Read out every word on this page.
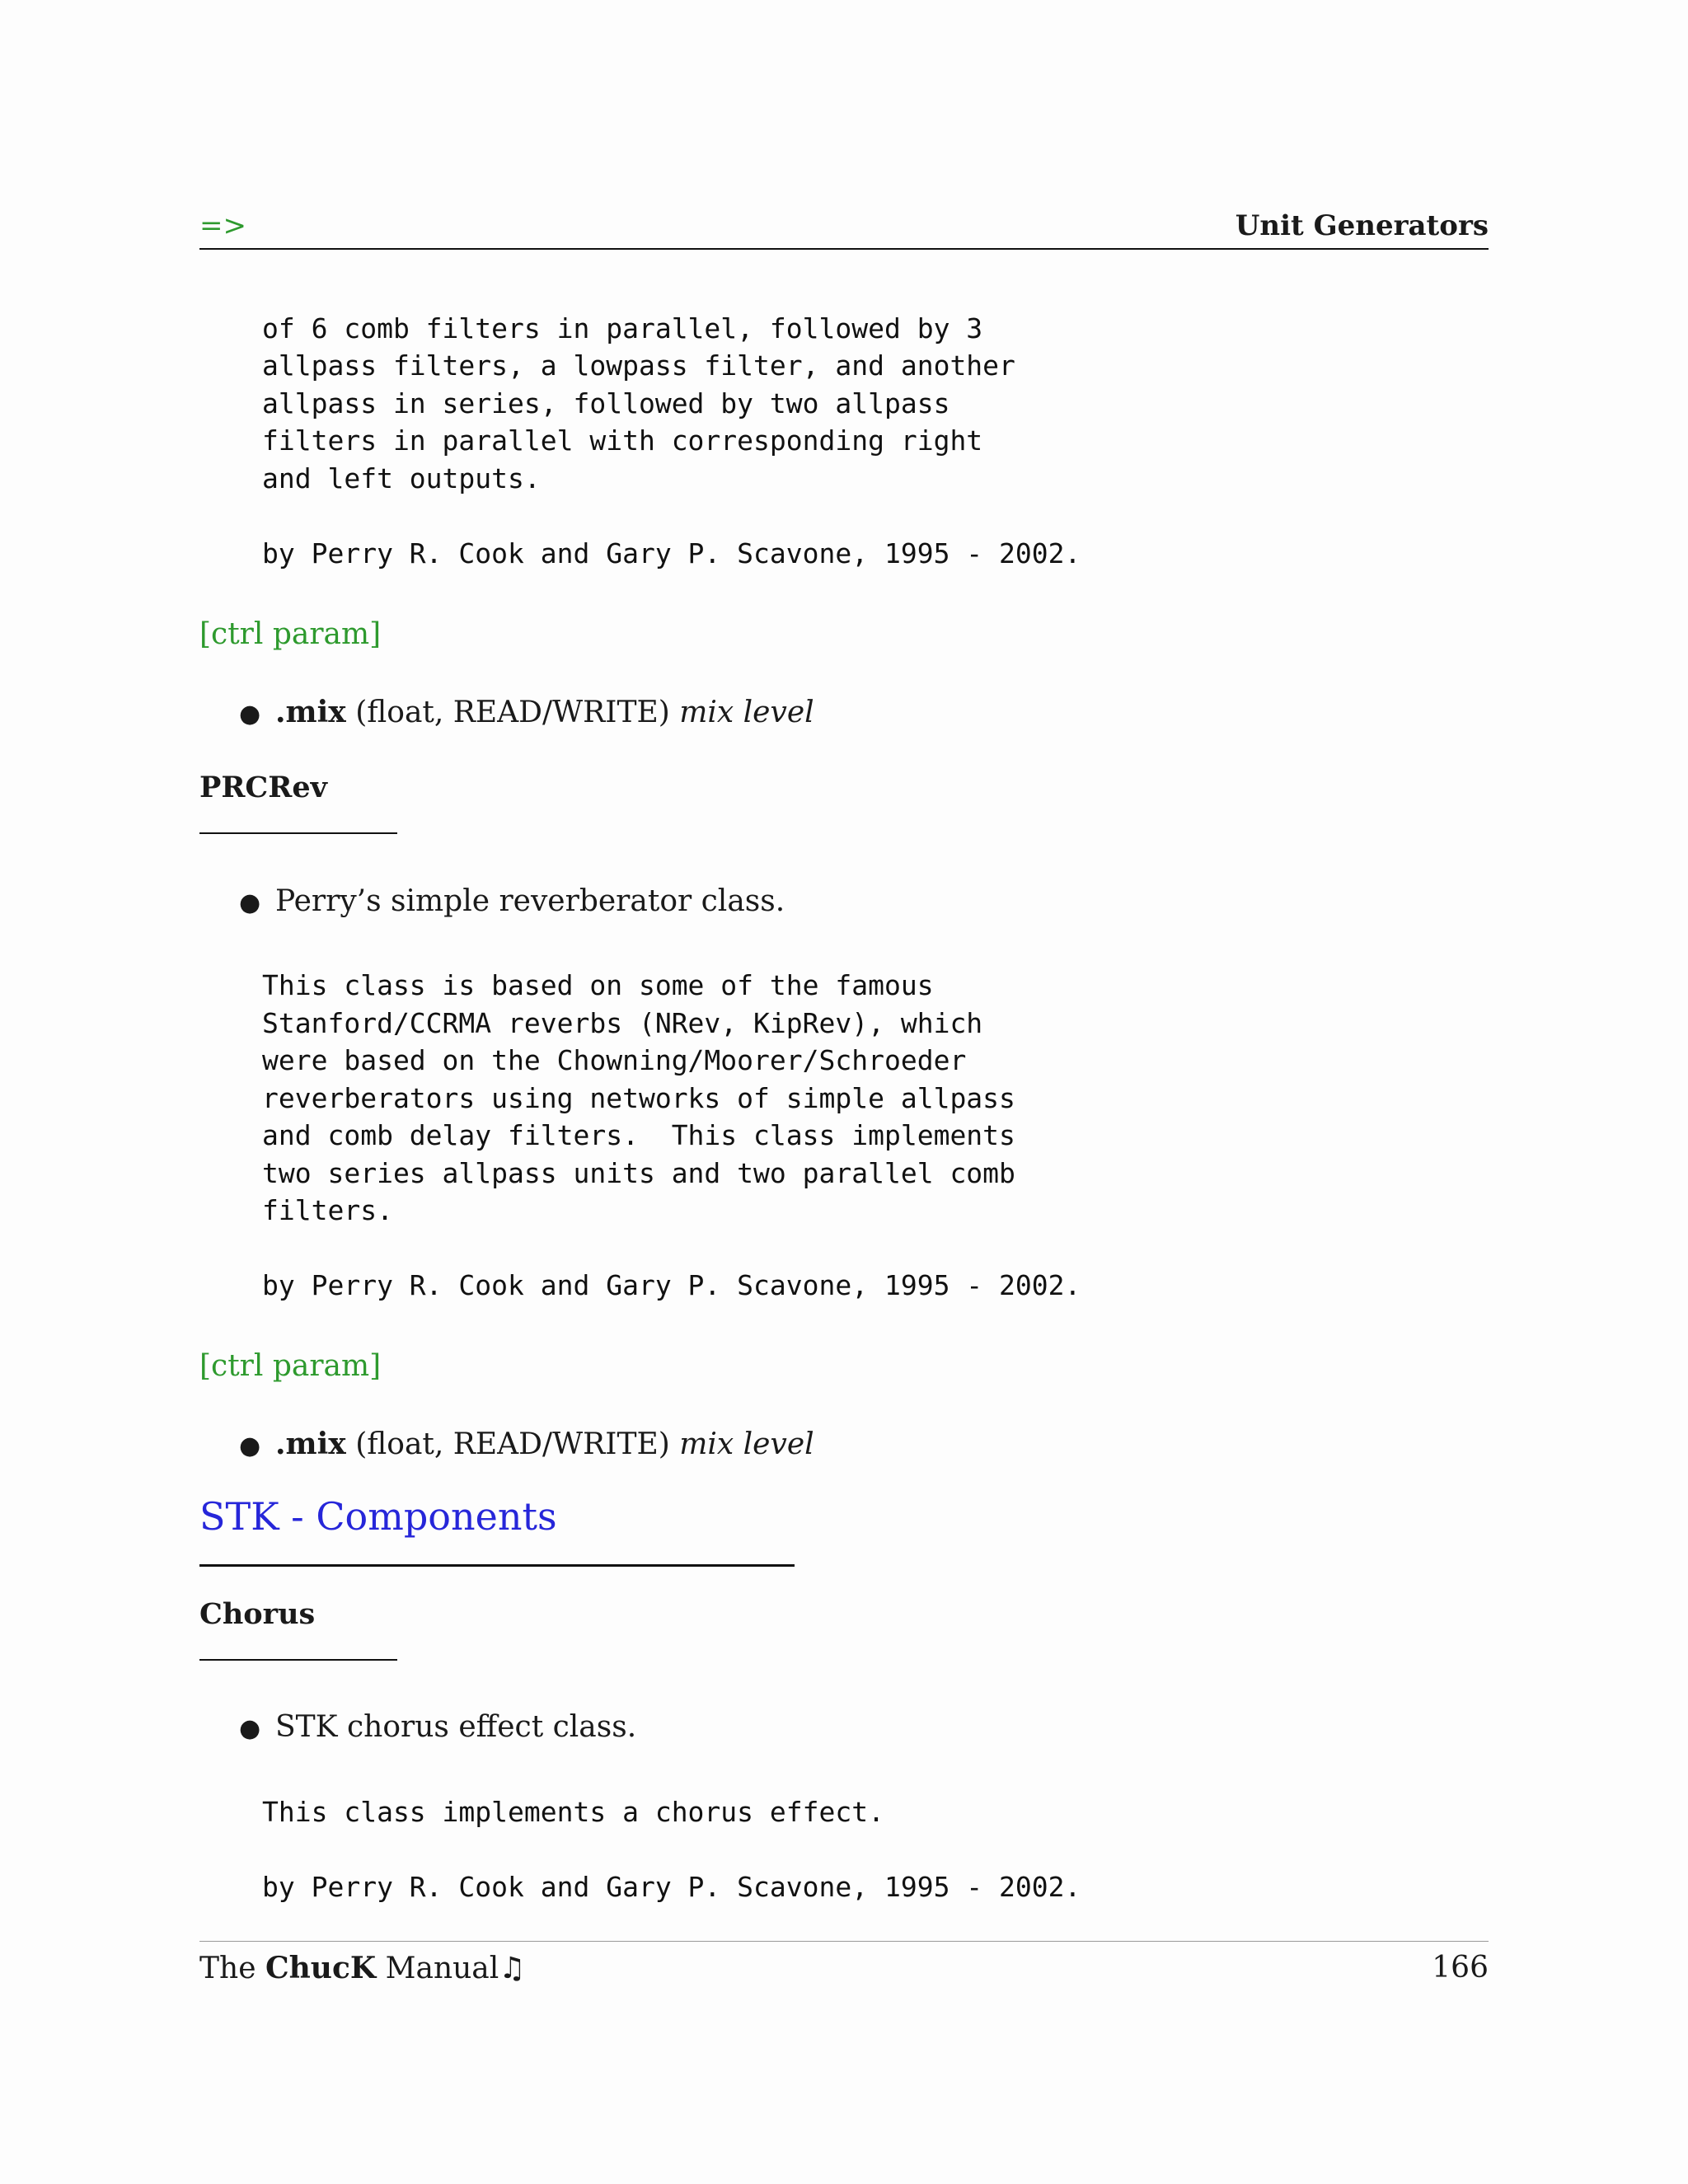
=>	Unit Generators
of 6 comb filters in parallel, followed by 3
allpass filters, a lowpass filter, and another
allpass in series, followed by two allpass
filters in parallel with corresponding right
and left outputs.
by Perry R. Cook and Gary P. Scavone, 1995 - 2002.
[ctrl param]
● .mix
(float, READ/WRITE)
mix level
PRCRev
● Perry’s simple reverberator class.
This class is based on some of the famous
Stanford/CCRMA reverbs (NRev, KipRev), which
were based on the Chowning/Moorer/Schroeder
reverberators using networks of simple allpass
and comb delay filters.  This class implements
two series allpass units and two parallel comb
filters.
by Perry R. Cook and Gary P. Scavone, 1995 - 2002.
[ctrl param]
● .mix
(float, READ/WRITE)
mix level
STK - Components
Chorus
● STK chorus effect class.
This class implements a chorus effect.
by Perry R. Cook and Gary P. Scavone, 1995 - 2002.
The ChucK Manual♫	166
